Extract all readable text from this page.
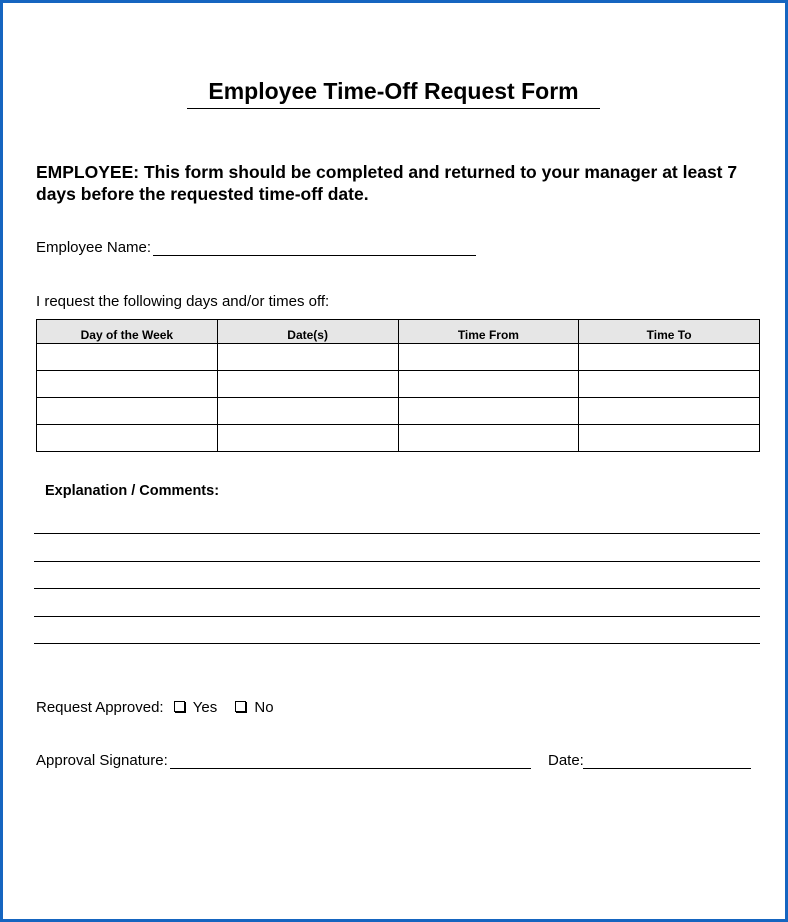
Employee Time-Off Request Form
EMPLOYEE: This form should be completed and returned to your manager at least 7 days before the requested time-off date.
Employee Name:
I request the following days and/or times off:
Day of the Week	Date(s)	Time From	Time To

Explanation / Comments:
Request Approved: Yes No
Approval Signature:	Date:
